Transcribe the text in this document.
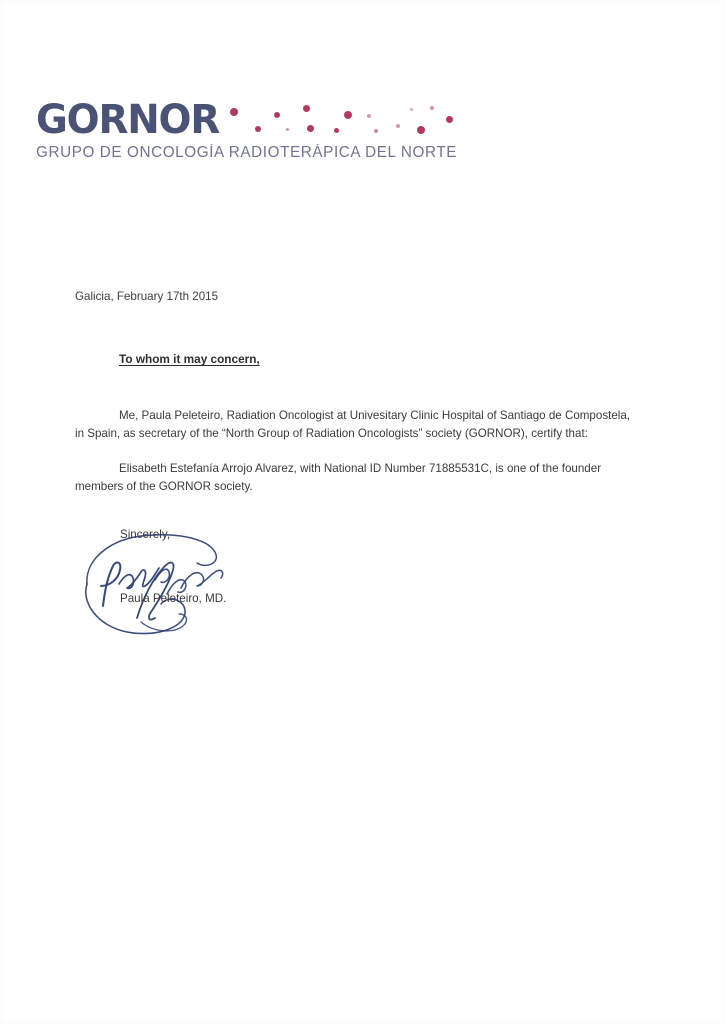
GORNOR
GRUPO DE ONCOLOGÍA RADIOTERÁPICA DEL NORTE
Galicia, February 17th 2015
To whom it may concern,

Me, Paula Peleteiro, Radiation Oncologist at Univesitary Clinic Hospital of Santiago de Compostela, in Spain, as secretary of the “North Group of Radiation Oncologists” society (GORNOR), certify that:

Elisabeth Estefanía Arrojo Alvarez, with National ID Number 71885531C, is one of the founder members of the GORNOR society.

Sincerely,
Paula Peleteiro, MD.
